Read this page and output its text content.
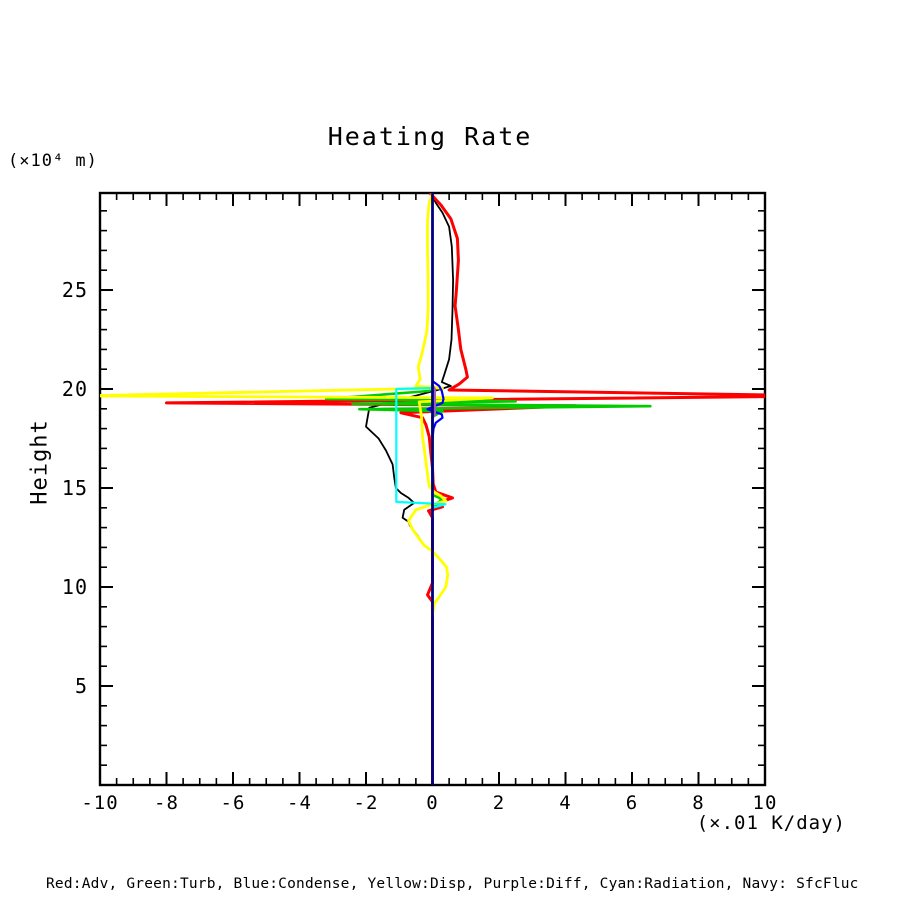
Heating Rate
(×10⁴ m)
Height
(×.01 K/day)
Red:Adv, Green:Turb, Blue:Condense, Yellow:Disp, Purple:Diff, Cyan:Radiation, Navy: SfcFluc
-10 -8 -6 -4 -2	0	2	4	6	8	10
5
10
15
20
25
